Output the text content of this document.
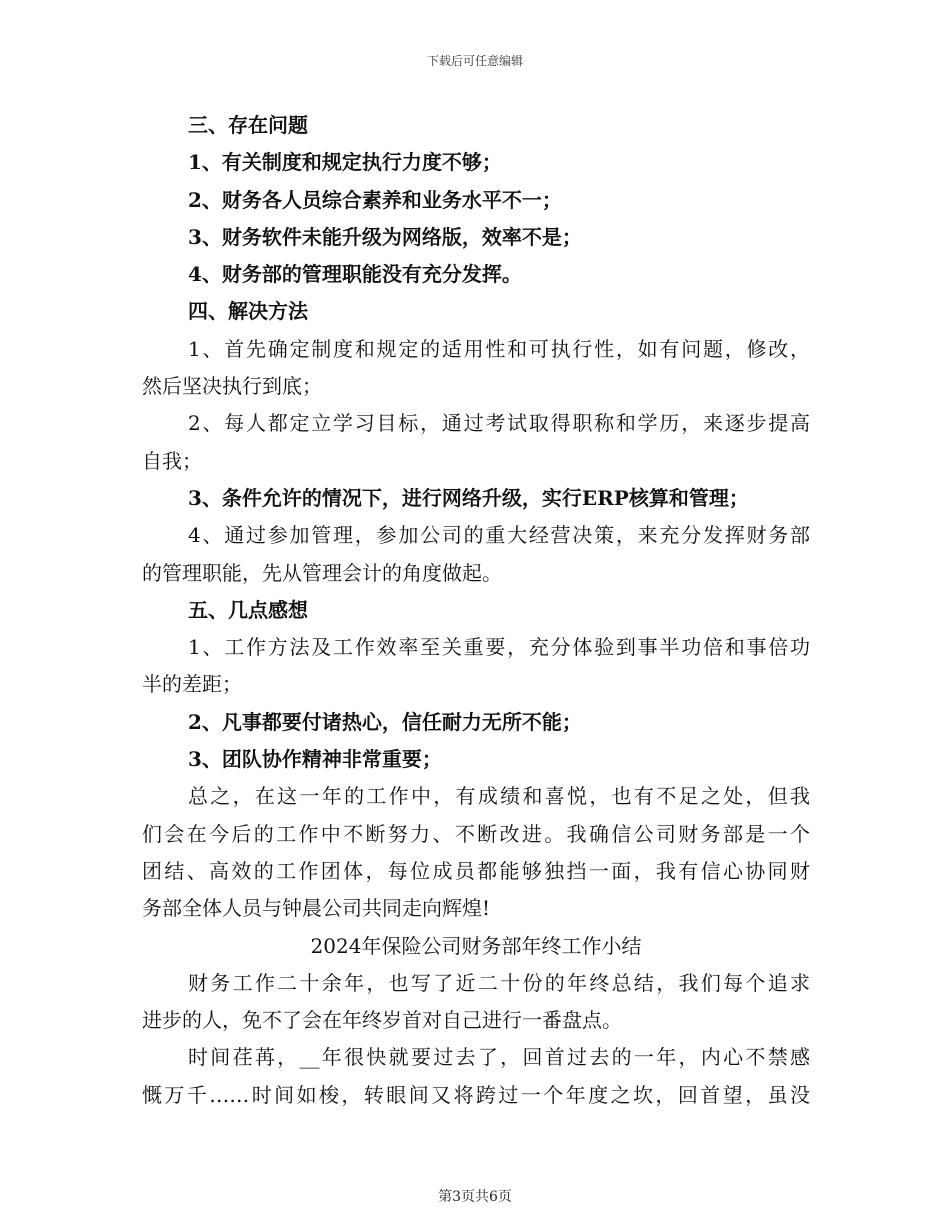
下载后可任意编辑
三、存在问题
1、有关制度和规定执行力度不够；
2、财务各人员综合素养和业务水平不一；
3、财务软件未能升级为网络版，效率不是；
4、财务部的管理职能没有充分发挥。
四、解决方法
1、首先确定制度和规定的适用性和可执行性，如有问题，修改，
然后坚决执行到底；
2、每人都定立学习目标，通过考试取得职称和学历，来逐步提高
自我；
3、条件允许的情况下，进行网络升级，实行ERP核算和管理；
4、通过参加管理，参加公司的重大经营决策，来充分发挥财务部
的管理职能，先从管理会计的角度做起。
五、几点感想
1、工作方法及工作效率至关重要，充分体验到事半功倍和事倍功
半的差距；
2、凡事都要付诸热心，信任耐力无所不能；
3、团队协作精神非常重要；
总之，在这一年的工作中，有成绩和喜悦，也有不足之处，但我
们会在今后的工作中不断努力、不断改进。我确信公司财务部是一个
团结、高效的工作团体，每位成员都能够独挡一面，我有信心协同财
务部全体人员与钟晨公司共同走向辉煌!
2024年保险公司财务部年终工作小结
财务工作二十余年，也写了近二十份的年终总结，我们每个追求
进步的人，免不了会在年终岁首对自己进行一番盘点。
时间荏苒，__年很快就要过去了，回首过去的一年，内心不禁感
慨万千……时间如梭，转眼间又将跨过一个年度之坎，回首望，虽没
第3页共6页
